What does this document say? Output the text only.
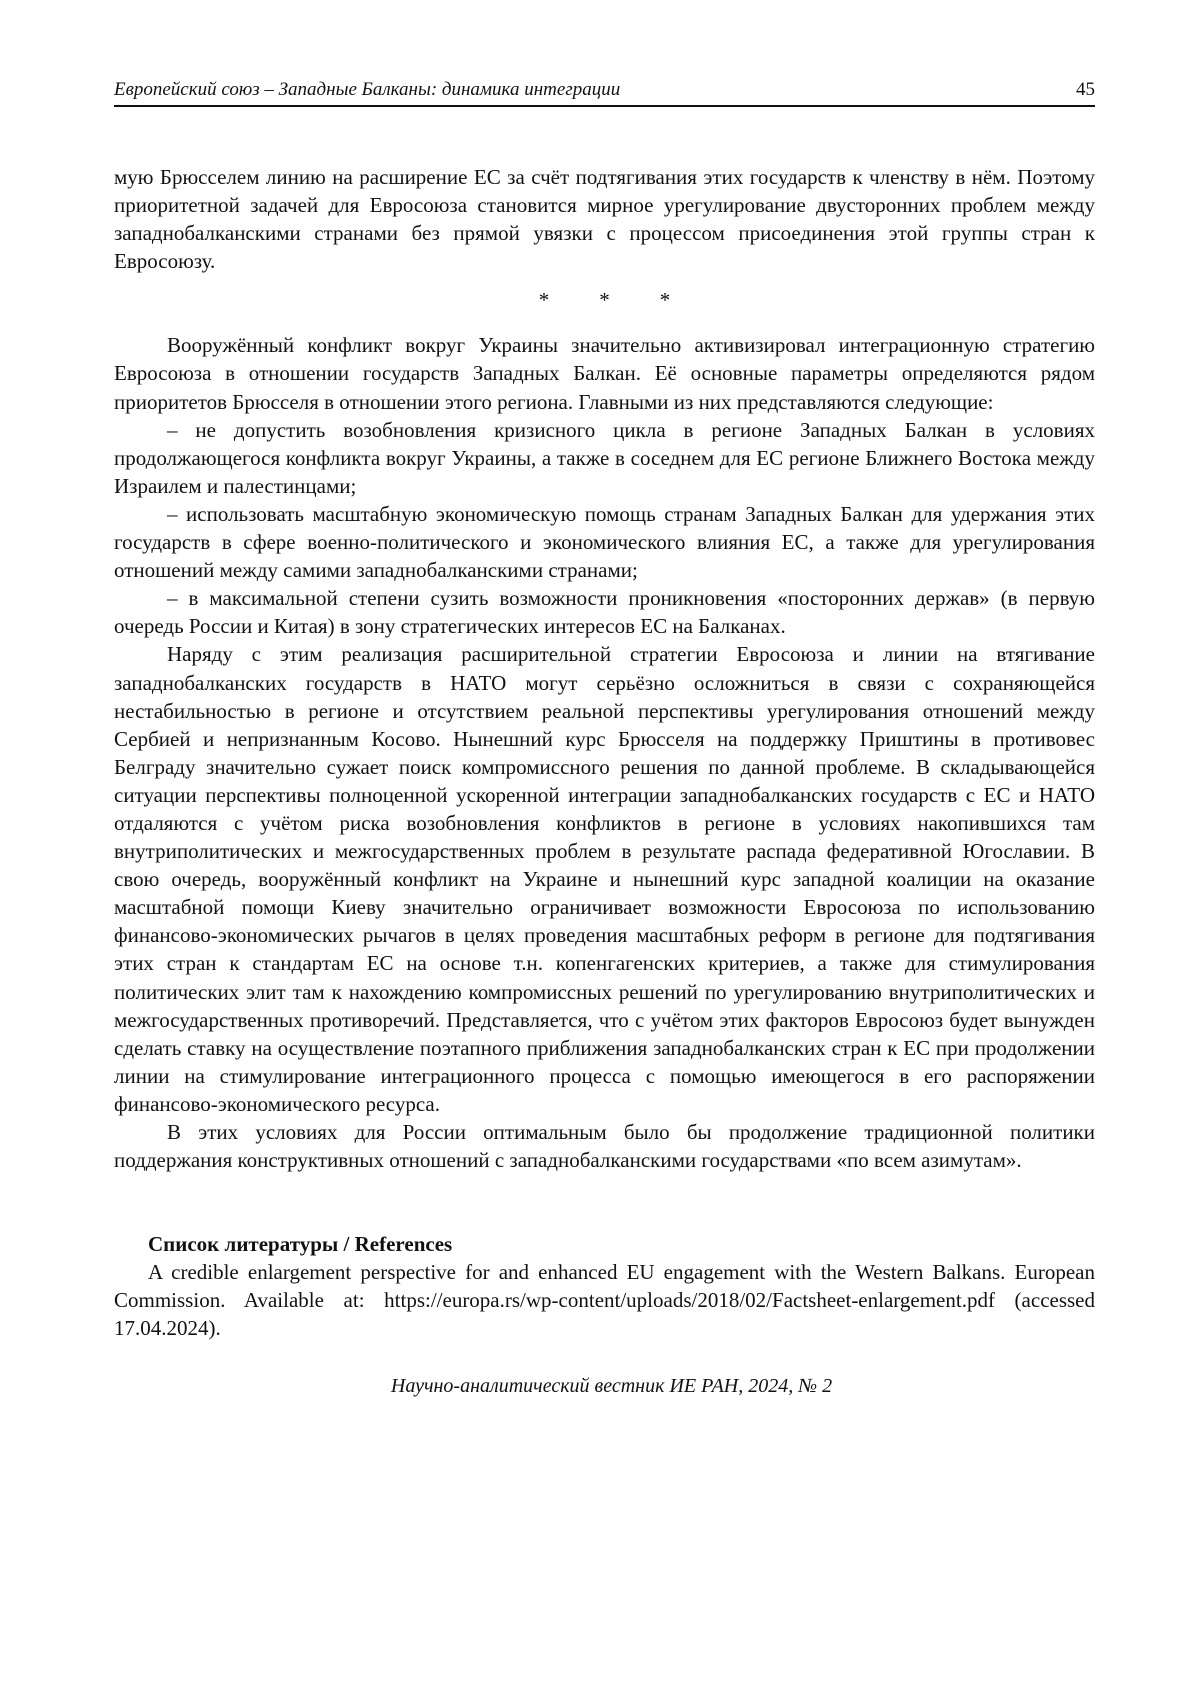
Европейский союз – Западные Балканы: динамика интеграции	45

мую Брюсселем линию на расширение ЕС за счёт подтягивания этих государств к членству в нём. Поэтому приоритетной задачей для Евросоюза становится мирное урегулирование двусторонних проблем между западнобалканскими странами без прямой увязки с процессом присоединения этой группы стран к Евросоюзу.

* * *

Вооружённый конфликт вокруг Украины значительно активизировал интеграционную стратегию Евросоюза в отношении государств Западных Балкан. Её основные параметры определяются рядом приоритетов Брюсселя в отношении этого региона. Главными из них представляются следующие:

– не допустить возобновления кризисного цикла в регионе Западных Балкан в условиях продолжающегося конфликта вокруг Украины, а также в соседнем для ЕС регионе Ближнего Востока между Израилем и палестинцами;

– использовать масштабную экономическую помощь странам Западных Балкан для удержания этих государств в сфере военно-политического и экономического влияния ЕС, а также для урегулирования отношений между самими западнобалканскими странами;

– в максимальной степени сузить возможности проникновения «посторонних держав» (в первую очередь России и Китая) в зону стратегических интересов ЕС на Балканах.

Наряду с этим реализация расширительной стратегии Евросоюза и линии на втягивание западнобалканских государств в НАТО могут серьёзно осложниться в связи с сохраняющейся нестабильностью в регионе и отсутствием реальной перспективы урегулирования отношений между Сербией и непризнанным Косово. Нынешний курс Брюсселя на поддержку Приштины в противовес Белграду значительно сужает поиск компромиссного решения по данной проблеме. В складывающейся ситуации перспективы полноценной ускоренной интеграции западнобалканских государств с ЕС и НАТО отдаляются с учётом риска возобновления конфликтов в регионе в условиях накопившихся там внутриполитических и межгосударственных проблем в результате распада федеративной Югославии. В свою очередь, вооружённый конфликт на Украине и нынешний курс западной коалиции на оказание масштабной помощи Киеву значительно ограничивает возможности Евросоюза по использованию финансово-экономических рычагов в целях проведения масштабных реформ в регионе для подтягивания этих стран к стандартам ЕС на основе т.н. копенгагенских критериев, а также для стимулирования политических элит там к нахождению компромиссных решений по урегулированию внутриполитических и межгосударственных противоречий. Представляется, что с учётом этих факторов Евросоюз будет вынужден сделать ставку на осуществление поэтапного приближения западнобалканских стран к ЕС при продолжении линии на стимулирование интеграционного процесса с помощью имеющегося в его распоряжении финансово-экономического ресурса.

В этих условиях для России оптимальным было бы продолжение традиционной политики поддержания конструктивных отношений с западнобалканскими государствами «по всем азимутам».

Список литературы / References

A credible enlargement perspective for and enhanced EU engagement with the Western Balkans. European Commission. Available at: https://europa.rs/wp-content/uploads/2018/02/Factsheet-enlargement.pdf (accessed 17.04.2024).

Научно-аналитический вестник ИЕ РАН, 2024, № 2
